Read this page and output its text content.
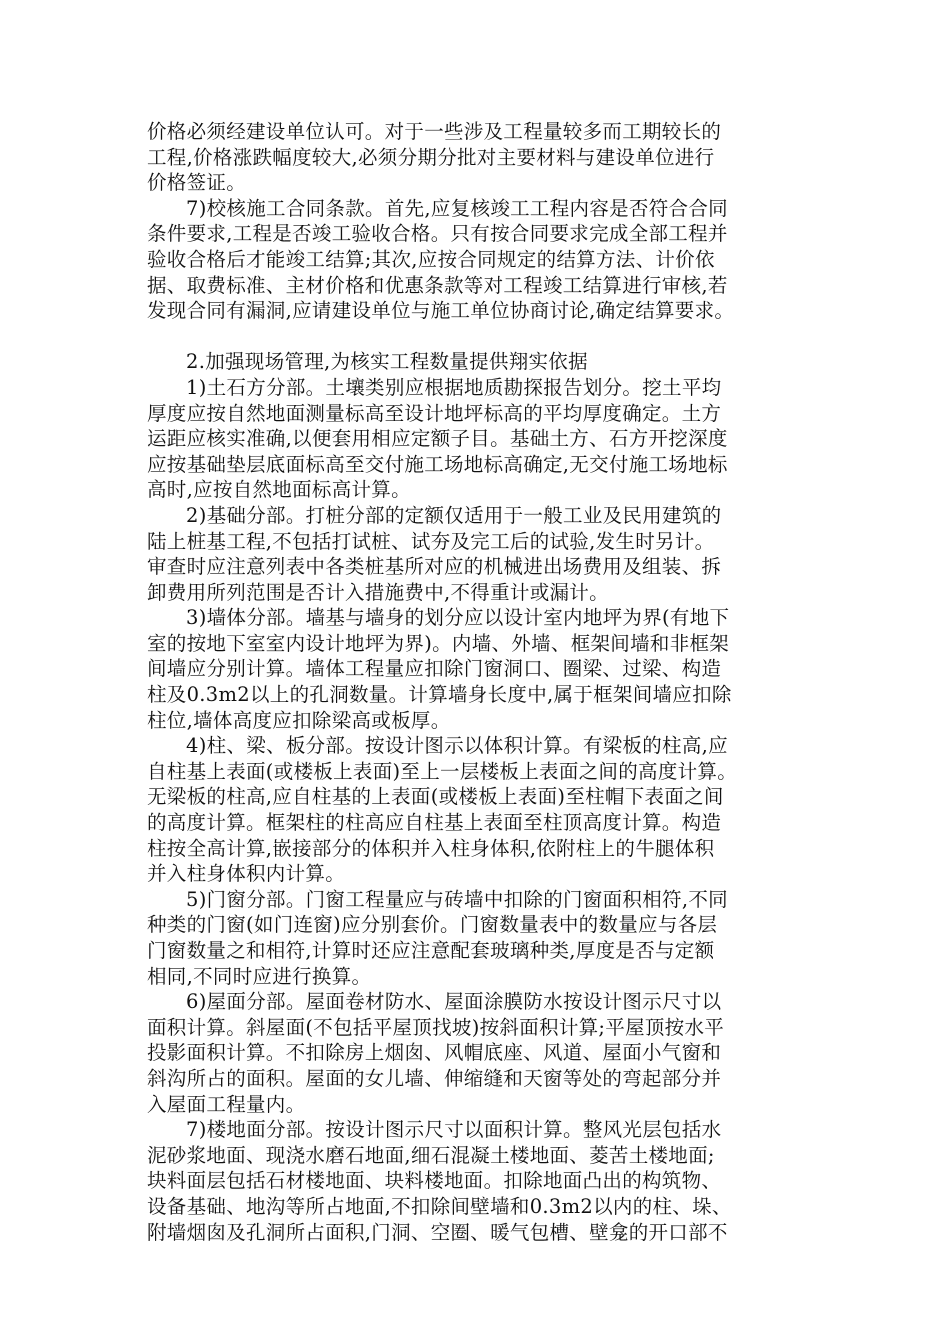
价格必须经建设单位认可。对于一些涉及工程量较多而工期较长的
工程,价格涨跌幅度较大,必须分期分批对主要材料与建设单位进行
价格签证。
7)校核施工合同条款。首先,应复核竣工工程内容是否符合合同
条件要求,工程是否竣工验收合格。只有按合同要求完成全部工程并
验收合格后才能竣工结算;其次,应按合同规定的结算方法、计价依
据、取费标准、主材价格和优惠条款等对工程竣工结算进行审核,若
发现合同有漏洞,应请建设单位与施工单位协商讨论,确定结算要求。
2.加强现场管理,为核实工程数量提供翔实依据
1)土石方分部。土壤类别应根据地质勘探报告划分。挖土平均
厚度应按自然地面测量标高至设计地坪标高的平均厚度确定。土方
运距应核实准确,以便套用相应定额子目。基础土方、石方开挖深度
应按基础垫层底面标高至交付施工场地标高确定,无交付施工场地标
高时,应按自然地面标高计算。
2)基础分部。打桩分部的定额仅适用于一般工业及民用建筑的
陆上桩基工程,不包括打试桩、试夯及完工后的试验,发生时另计。
审查时应注意列表中各类桩基所对应的机械进出场费用及组装、拆
卸费用所列范围是否计入措施费中,不得重计或漏计。
3)墙体分部。墙基与墙身的划分应以设计室内地坪为界(有地下
室的按地下室室内设计地坪为界)。内墙、外墙、框架间墙和非框架
间墙应分别计算。墙体工程量应扣除门窗洞口、圈梁、过梁、构造
柱及0.3m2以上的孔洞数量。计算墙身长度中,属于框架间墙应扣除
柱位,墙体高度应扣除梁高或板厚。
4)柱、梁、板分部。按设计图示以体积计算。有梁板的柱高,应
自柱基上表面(或楼板上表面)至上一层楼板上表面之间的高度计算。
无梁板的柱高,应自柱基的上表面(或楼板上表面)至柱帽下表面之间
的高度计算。框架柱的柱高应自柱基上表面至柱顶高度计算。构造
柱按全高计算,嵌接部分的体积并入柱身体积,依附柱上的牛腿体积
并入柱身体积内计算。
5)门窗分部。门窗工程量应与砖墙中扣除的门窗面积相符,不同
种类的门窗(如门连窗)应分别套价。门窗数量表中的数量应与各层
门窗数量之和相符,计算时还应注意配套玻璃种类,厚度是否与定额
相同,不同时应进行换算。
6)屋面分部。屋面卷材防水、屋面涂膜防水按设计图示尺寸以
面积计算。斜屋面(不包括平屋顶找坡)按斜面积计算;平屋顶按水平
投影面积计算。不扣除房上烟囱、风帽底座、风道、屋面小气窗和
斜沟所占的面积。屋面的女儿墙、伸缩缝和天窗等处的弯起部分并
入屋面工程量内。
7)楼地面分部。按设计图示尺寸以面积计算。整风光层包括水
泥砂浆地面、现浇水磨石地面,细石混凝土楼地面、菱苦土楼地面;
块料面层包括石材楼地面、块料楼地面。扣除地面凸出的构筑物、
设备基础、地沟等所占地面,不扣除间壁墙和0.3m2以内的柱、垛、
附墙烟囱及孔洞所占面积,门洞、空圈、暖气包槽、壁龛的开口部不
